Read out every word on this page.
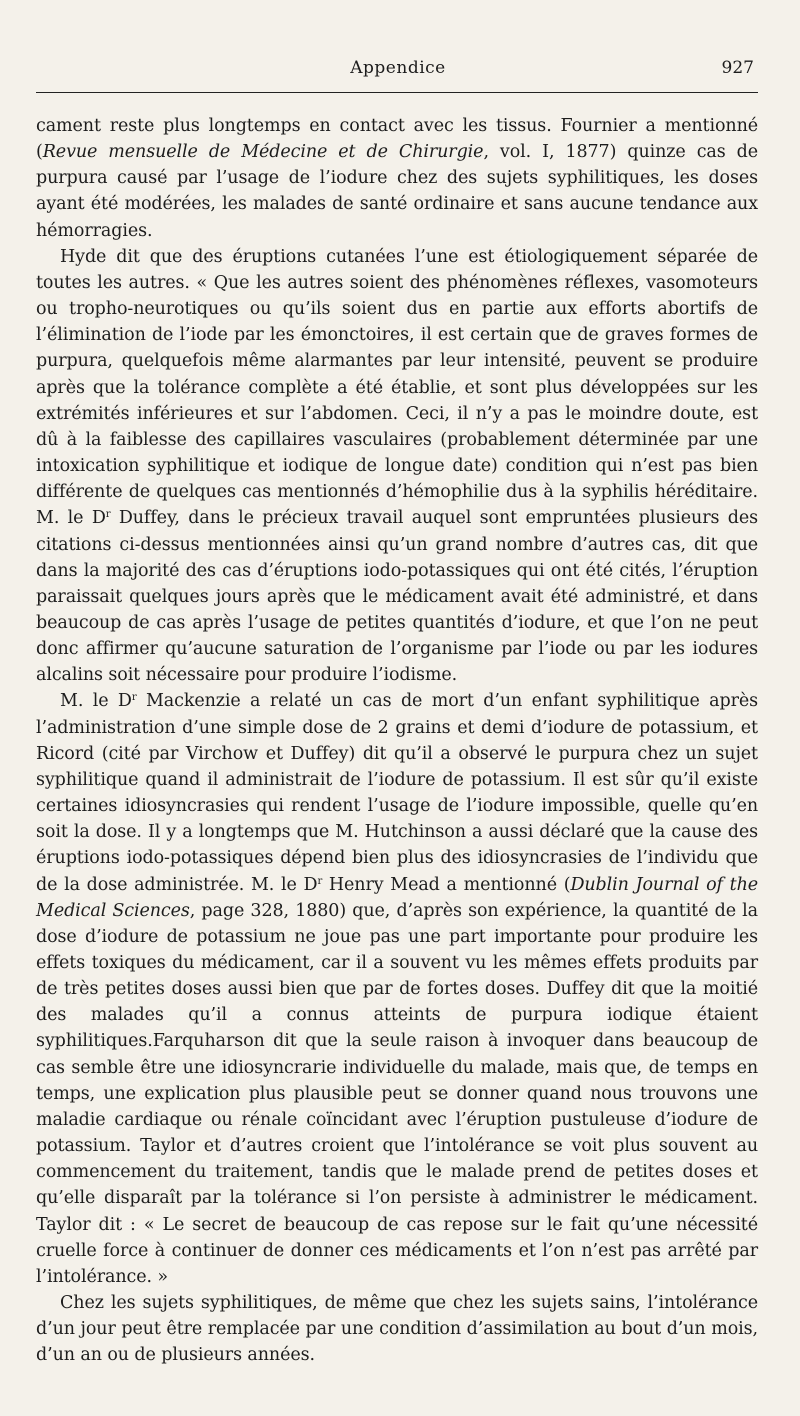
Appendice	927

cament reste plus longtemps en contact avec les tissus. Fournier a mentionné (Revue mensuelle de Médecine et de Chirurgie, vol. I, 1877) quinze cas de purpura causé par l’usage de l’iodure chez des sujets syphilitiques, les doses ayant été modérées, les malades de santé ordinaire et sans aucune tendance aux hémorragies.

Hyde dit que des éruptions cutanées l’une est étiologiquement séparée de toutes les autres. « Que les autres soient des phénomènes réflexes, vasomoteurs ou tropho-neurotiques ou qu’ils soient dus en partie aux efforts abortifs de l’élimination de l’iode par les émonctoires, il est certain que de graves formes de purpura, quelquefois même alarmantes par leur intensité, peuvent se produire après que la tolérance complète a été établie, et sont plus développées sur les extrémités inférieures et sur l’abdomen. Ceci, il n’y a pas le moindre doute, est dû à la faiblesse des capillaires vasculaires (probablement déterminée par une intoxication syphilitique et iodique de longue date) condition qui n’est pas bien différente de quelques cas mentionnés d’hémophilie dus à la syphilis héréditaire. M. le $D^r$ Duffey, dans le précieux travail auquel sont empruntées plusieurs des citations ci-dessus mentionnées ainsi qu’un grand nombre d’autres cas, dit que dans la majorité des cas d’éruptions iodo-potassiques qui ont été cités, l’éruption paraissait quelques jours après que le médicament avait été administré, et dans beaucoup de cas après l’usage de petites quantités d’iodure, et que l’on ne peut donc affirmer qu’aucune saturation de l’organisme par l’iode ou par les iodures alcalins soit nécessaire pour produire l’iodisme.

M. le $D^r$ Mackenzie a relaté un cas de mort d’un enfant syphilitique après l’administration d’une simple dose de 2 grains et demi d’iodure de potassium, et Ricord (cité par Virchow et Duffey) dit qu’il a observé le purpura chez un sujet syphilitique quand il administrait de l’iodure de potassium. Il est sûr qu’il existe certaines idiosyncrasies qui rendent l’usage de l’iodure impossible, quelle qu’en soit la dose. Il y a longtemps que M. Hutchinson a aussi déclaré que la cause des éruptions iodo-potassiques dépend bien plus des idiosyncrasies de l’individu que de la dose administrée. M. le $D^r$ Henry Mead a mentionné (Dublin Journal of the Medical Sciences, page 328, 1880) que, d’après son expérience, la quantité de la dose d’iodure de potassium ne joue pas une part importante pour produire les effets toxiques du médicament, car il a souvent vu les mêmes effets produits par de très petites doses aussi bien que par de fortes doses. Duffey dit que la moitié des malades qu’il a connus atteints de purpura iodique étaient syphilitiques.Farquharson dit que la seule raison à invoquer dans beaucoup de cas semble être une idiosyncrarie individuelle du malade, mais que, de temps en temps, une explication plus plausible peut se donner quand nous trouvons une maladie cardiaque ou rénale coïncidant avec l’éruption pustuleuse d’iodure de potassium. Taylor et d’autres croient que l’intolérance se voit plus souvent au commencement du traitement, tandis que le malade prend de petites doses et qu’elle disparaît par la tolérance si l’on persiste à administrer le médicament. Taylor dit : « Le secret de beaucoup de cas repose sur le fait qu’une nécessité cruelle force à continuer de donner ces médicaments et l’on n’est pas arrêté par l’intolérance. »

Chez les sujets syphilitiques, de même que chez les sujets sains, l’intolérance d’un jour peut être remplacée par une condition d’assimilation au bout d’un mois, d’un an ou de plusieurs années.
